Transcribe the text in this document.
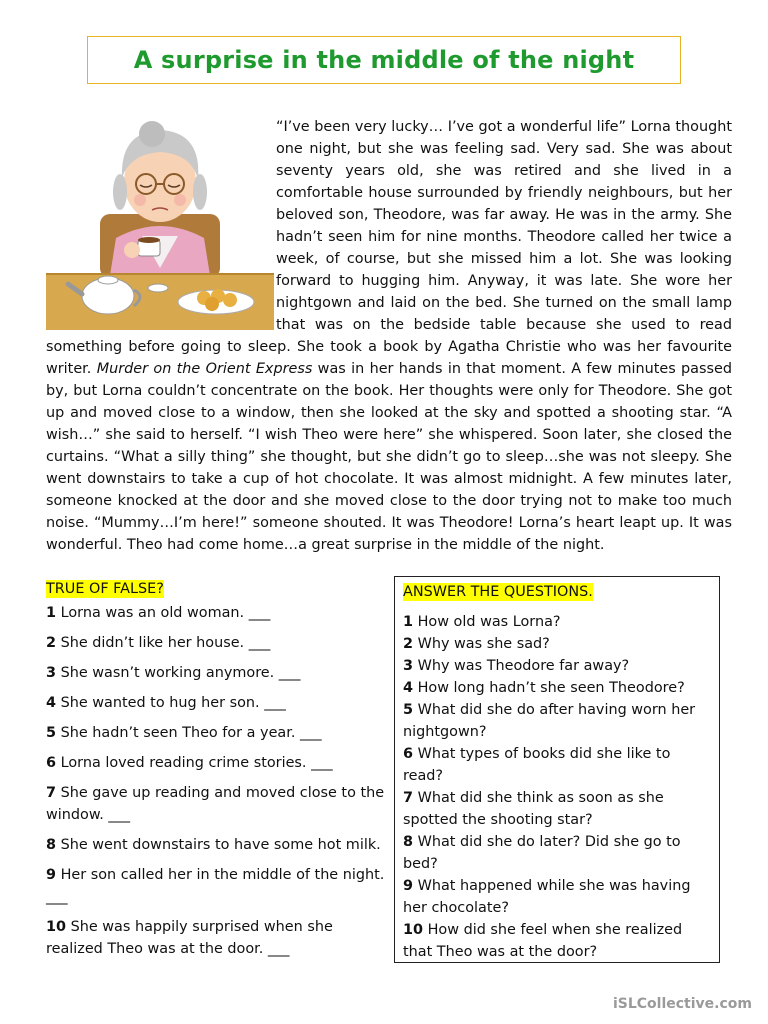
A surprise in the middle of the night
“I’ve been very lucky… I’ve got a wonderful life” Lorna thought one night, but she was feeling sad. Very sad. She was about seventy years old, she was retired and she lived in a comfortable house surrounded by friendly neighbours, but her beloved son, Theodore, was far away. He was in the army. She hadn’t seen him for nine months. Theodore called her twice a week, of course, but she missed him a lot. She was looking forward to hugging him. Anyway, it was late. She wore her nightgown and laid on the bed. She turned on the small lamp that was on the bedside table because she used to read something before going to sleep. She took a book by Agatha Christie who was her favourite writer. Murder on the Orient Express was in her hands in that moment. A few minutes passed by, but Lorna couldn’t concentrate on the book. Her thoughts were only for Theodore. She got up and moved close to a window, then she looked at the sky and spotted a shooting star. “A wish…” she said to herself. “I wish Theo were here” she whispered. Soon later, she closed the curtains. “What a silly thing” she thought, but she didn’t go to sleep…she was not sleepy. She went downstairs to take a cup of hot chocolate. It was almost midnight. A few minutes later, someone knocked at the door and she moved close to the door trying not to make too much noise. “Mummy…I’m here!” someone shouted. It was Theodore! Lorna’s heart leapt up. It was wonderful. Theo had come home…a great surprise in the middle of the night.
TRUE OF FALSE?
1 Lorna was an old woman. ___
2 She didn’t like her house. ___
3 She wasn’t working anymore. ___
4 She wanted to hug her son. ___
5 She hadn’t seen Theo for a year. ___
6 Lorna loved reading crime stories. ___
7 She gave up reading and moved close to the window. ___
8 She went downstairs to have some hot milk.
9 Her son called her in the middle of the night. ___
10 She was happily surprised when she realized Theo was at the door. ___
ANSWER THE QUESTIONS.
1 How old was Lorna?
2 Why was she sad?
3 Why was Theodore far away?
4 How long hadn’t she seen Theodore?
5 What did she do after having worn her nightgown?
6 What types of books did she like to read?
7 What did she think as soon as she spotted the shooting star?
8 What did she do later? Did she go to bed?
9 What happened while she was having her chocolate?
10 How did she feel when she realized that Theo was at the door?
iSLCollective.com
